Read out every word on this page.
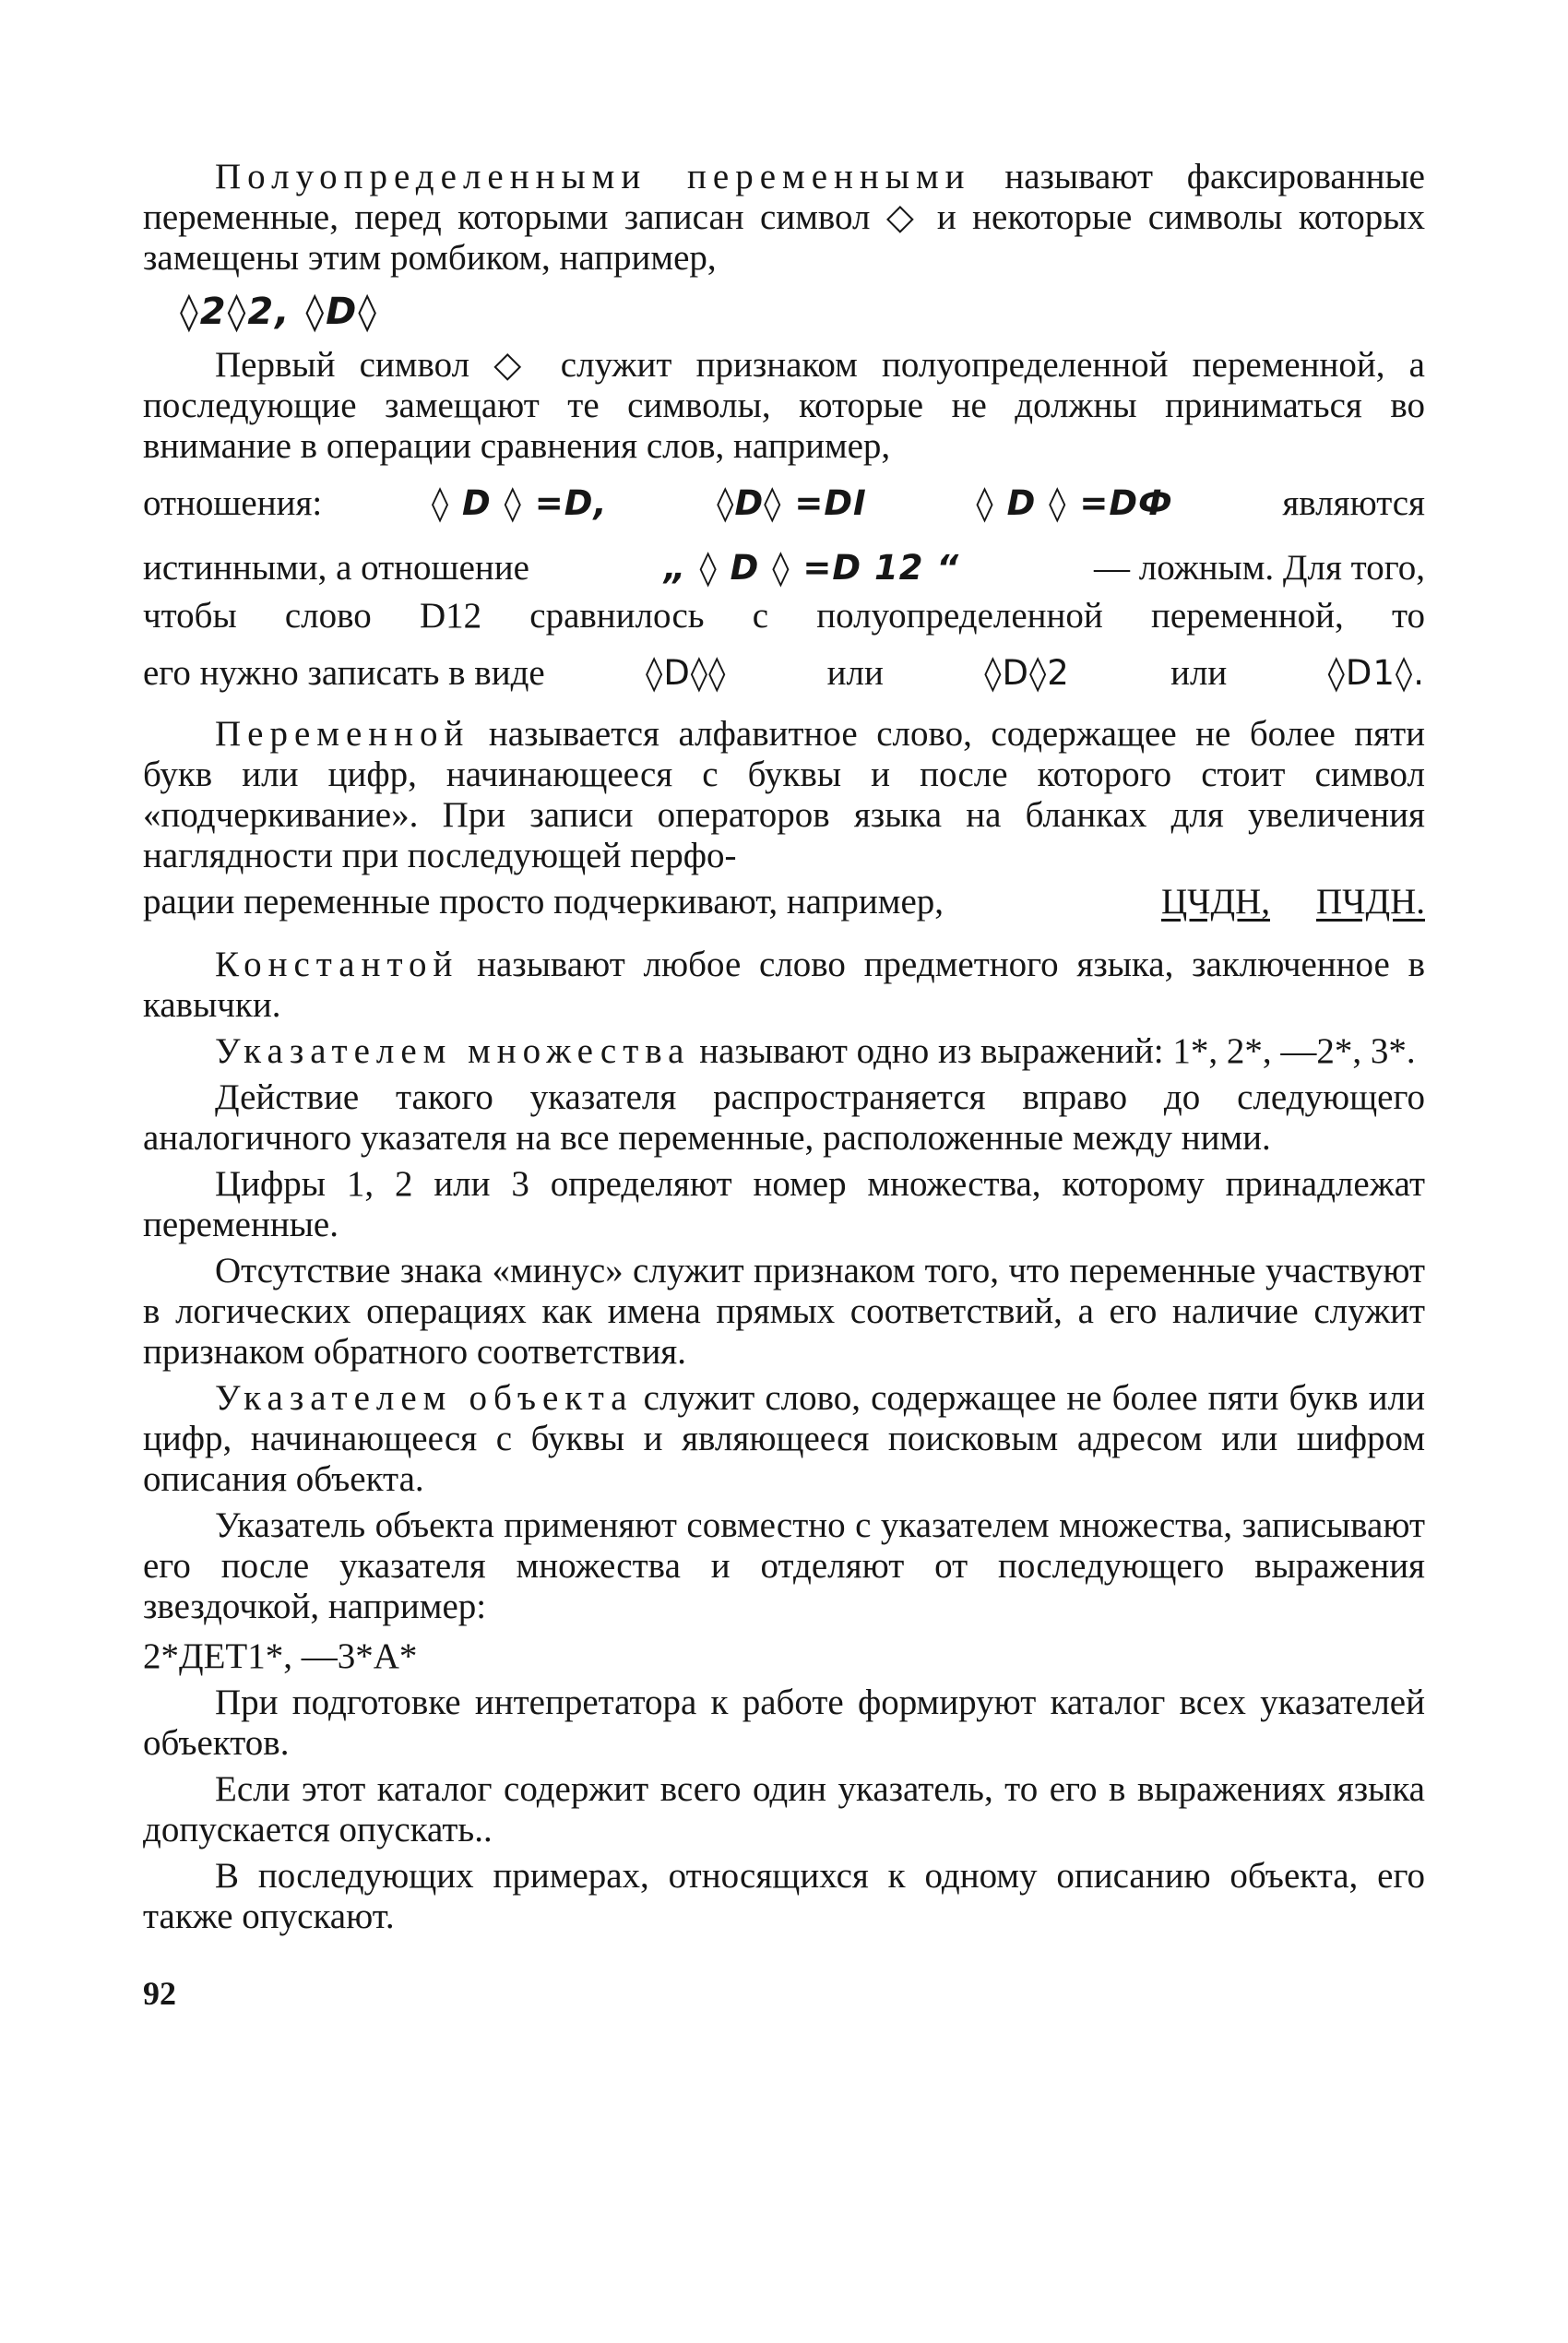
Полуопределенными переменными называют факсированные переменные, перед которыми записан символ ◇ и некоторые символы которых замещены этим ромбиком, например,

◊2◊2, ◊D◊

Первый символ ◇ служит признаком полуопределенной переменной, а последующие замещают те символы, которые не должны приниматься во внимание в операции сравнения слов, например,

отношения:	◊ D ◊ =D,	◊D◊ =DI	◊ D ◊ =DФ	являются
истинными, а отношение	„ ◊ D ◊ =D 12 “	— ложным. Для того,

чтобы слово D12 сравнилось с полуопределенной переменной, то

его нужно записать в виде	◊D◊◊	или	◊D◊2	или	◊D1◊.

Переменной называется алфавитное слово, содержащее не более пяти букв или цифр, начинающееся с буквы и после которого стоит символ «подчеркивание». При записи операторов языка на бланках для увеличения наглядности при последующей перфо-

рации переменные просто подчеркивают, например,	ЦЧДН, ПЧДН.

Константой называют любое слово предметного языка, заключенное в кавычки.

Указателем множества называют одно из выражений: 1*, 2*, —2*, 3*.

Действие такого указателя распространяется вправо до следующего аналогичного указателя на все переменные, расположенные между ними.

Цифры 1, 2 или 3 определяют номер множества, которому принадлежат переменные.

Отсутствие знака «минус» служит признаком того, что переменные участвуют в логических операциях как имена прямых соответствий, а его наличие служит признаком обратного соответствия.

Указателем объекта служит слово, содержащее не более пяти букв или цифр, начинающееся с буквы и являющееся поисковым адресом или шифром описания объекта.

Указатель объекта применяют совместно с указателем множества, записывают его после указателя множества и отделяют от последующего выражения звездочкой, например:

2*ДЕТ1*, —3*А*

При подготовке интепретатора к работе формируют каталог всех указателей объектов.

Если этот каталог содержит всего один указатель, то его в выражениях языка допускается опускать..

В последующих примерах, относящихся к одному описанию объекта, его также опускают.

92
